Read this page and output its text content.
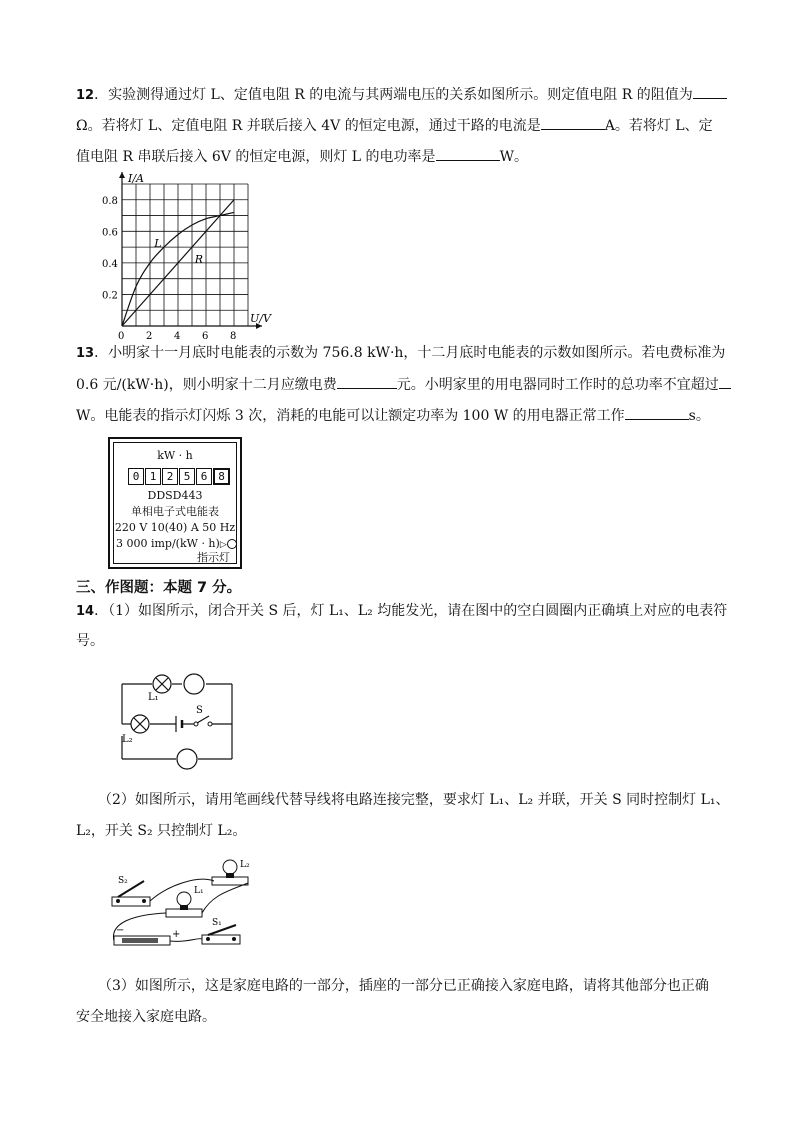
12．实验测得通过灯 L、定值电阻 R 的电流与其两端电压的关系如图所示。则定值电阻 R 的阻值为
Ω。若将灯 L、定值电阻 R 并联后接入 4V 的恒定电源，通过干路的电流是	A。若将灯 L、定
值电阻 R 串联后接入 6V 的恒定电源，则灯 L 的电功率是	W。
0 2 4 6 8
0.2
0.4
0.6
0.8
L
R
I/A
U/V
13．小明家十一月底时电能表的示数为 756.8 kW·h，十二月底时电能表的示数如图所示。若电费标准为
0.6 元/(kW·h)，则小明家十二月应缴电费	元。小明家里的用电器同时工作时的总功率不宜超过
W。电能表的指示灯闪烁 3 次，消耗的电能可以让额定功率为 100 W 的用电器正常工作	s。
kW · h
0 1 2 5 6 8
DDSD443
单相电子式电能表
220 V 10(40) A 50 Hz
3 000 imp/(kW · h)▷
指示灯
三、作图题：本题 7 分。
14．（1）如图所示，闭合开关 S 后，灯 L₁、L₂ 均能发光，请在图中的空白圆圈内正确填上对应的电表符
号。
L₁
L₂
S
（2）如图所示，请用笔画线代替导线将电路连接完整，要求灯 L₁、L₂ 并联，开关 S 同时控制灯 L₁、
L₂，开关 S₂ 只控制灯 L₂。
S₂
L₁
L₂
S₁
−	+
（3）如图所示，这是家庭电路的一部分，插座的一部分已正确接入家庭电路，请将其他部分也正确
安全地接入家庭电路。
